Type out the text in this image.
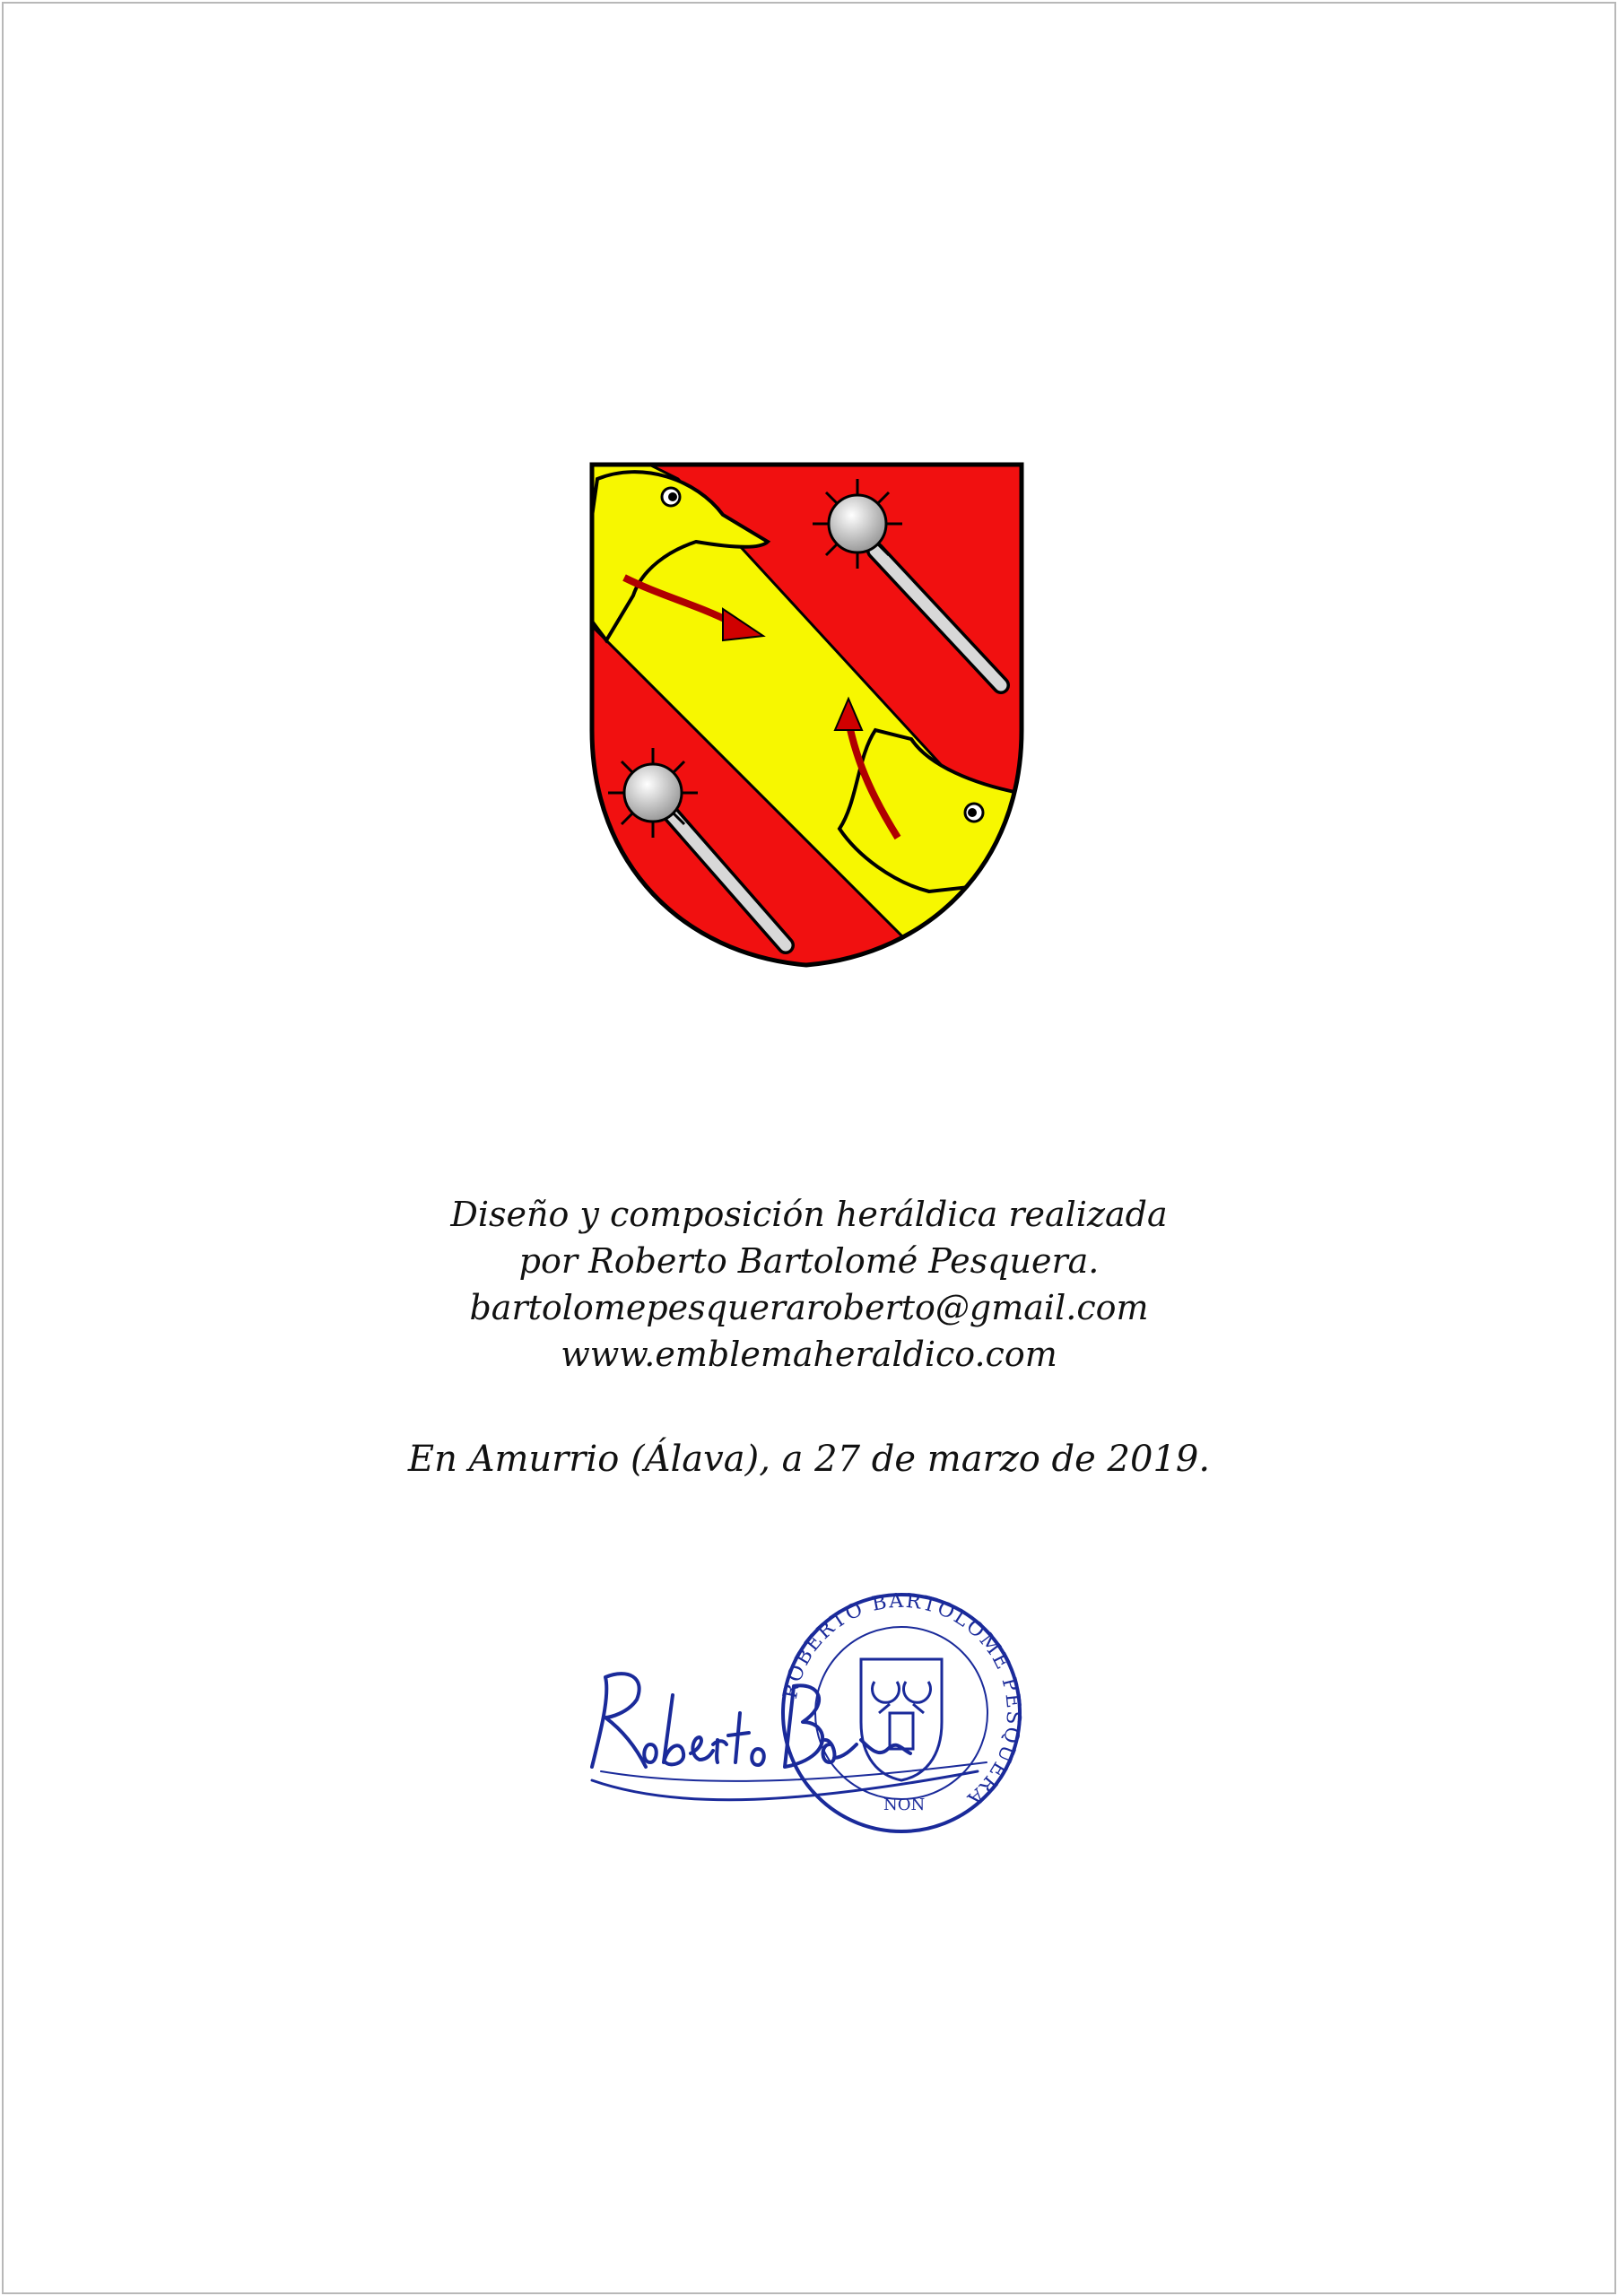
Diseño y composición heráldica realizada
por Roberto Bartolomé Pesquera.
bartolomepesqueraroberto@gmail.com
www.emblemaheraldico.com
En Amurrio (Álava), a 27 de marzo de 2019.
ROBERTO BARTOLOME PESQUERA
NON
